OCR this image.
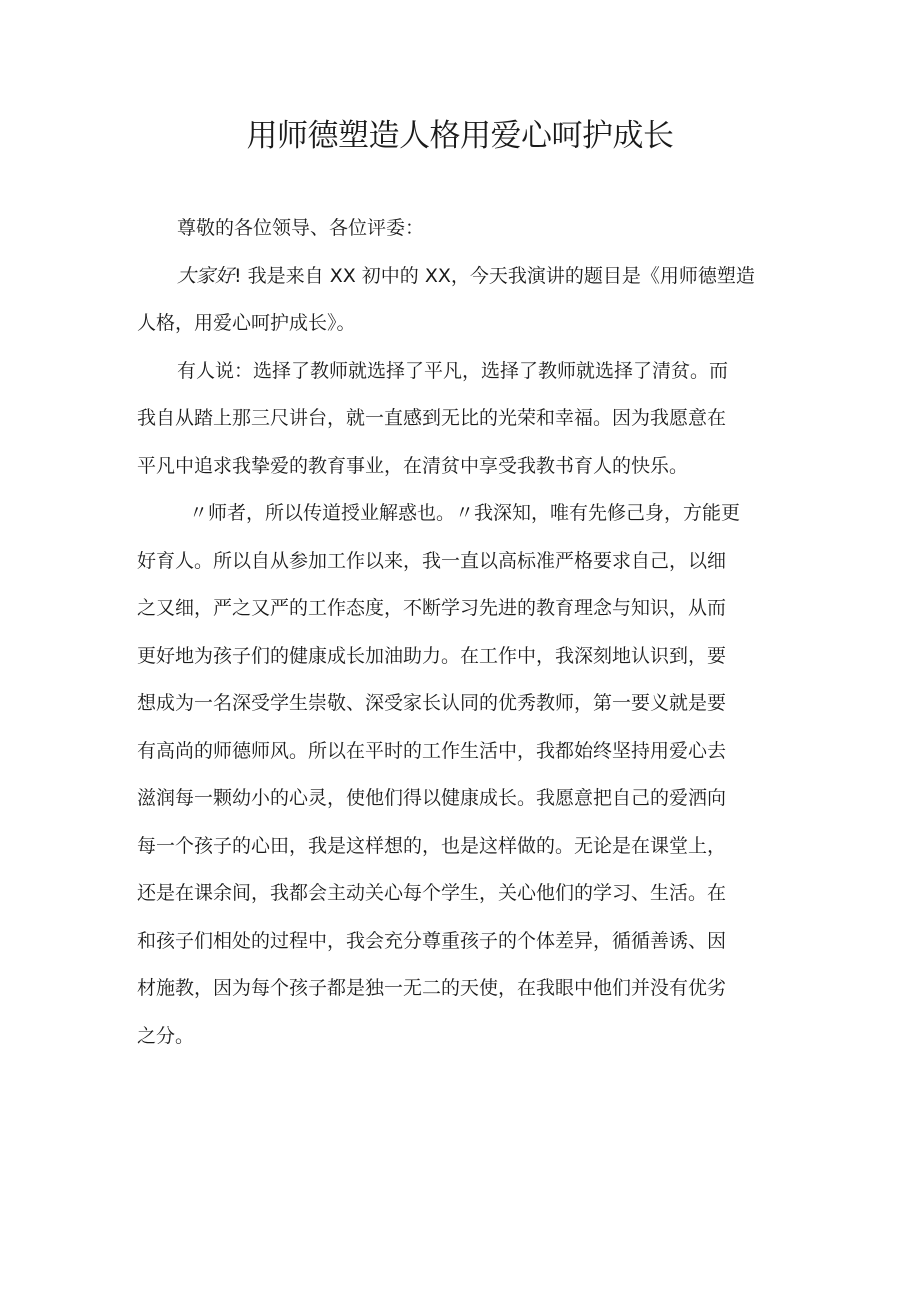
用师德塑造人格用爱心呵护成长
尊敬的各位领导、各位评委：
大家好! 我是来自 XX 初中的 XX，今天我演讲的题目是《用师德塑造
人格，用爱心呵护成长》。
有人说：选择了教师就选择了平凡，选择了教师就选择了清贫。而
我自从踏上那三尺讲台，就一直感到无比的光荣和幸福。因为我愿意在
平凡中追求我挚爱的教育事业，在清贫中享受我教书育人的快乐。
〃师者，所以传道授业解惑也。〃我深知，唯有先修己身，方能更
好育人。所以自从参加工作以来，我一直以高标准严格要求自己，以细
之又细，严之又严的工作态度，不断学习先进的教育理念与知识，从而
更好地为孩子们的健康成长加油助力。在工作中，我深刻地认识到，要
想成为一名深受学生崇敬、深受家长认同的优秀教师，第一要义就是要
有高尚的师德师风。所以在平时的工作生活中，我都始终坚持用爱心去
滋润每一颗幼小的心灵，使他们得以健康成长。我愿意把自己的爱洒向
每一个孩子的心田，我是这样想的，也是这样做的。无论是在课堂上，
还是在课余间，我都会主动关心每个学生，关心他们的学习、生活。在
和孩子们相处的过程中，我会充分尊重孩子的个体差异，循循善诱、因
材施教，因为每个孩子都是独一无二的天使，在我眼中他们并没有优劣
之分。
